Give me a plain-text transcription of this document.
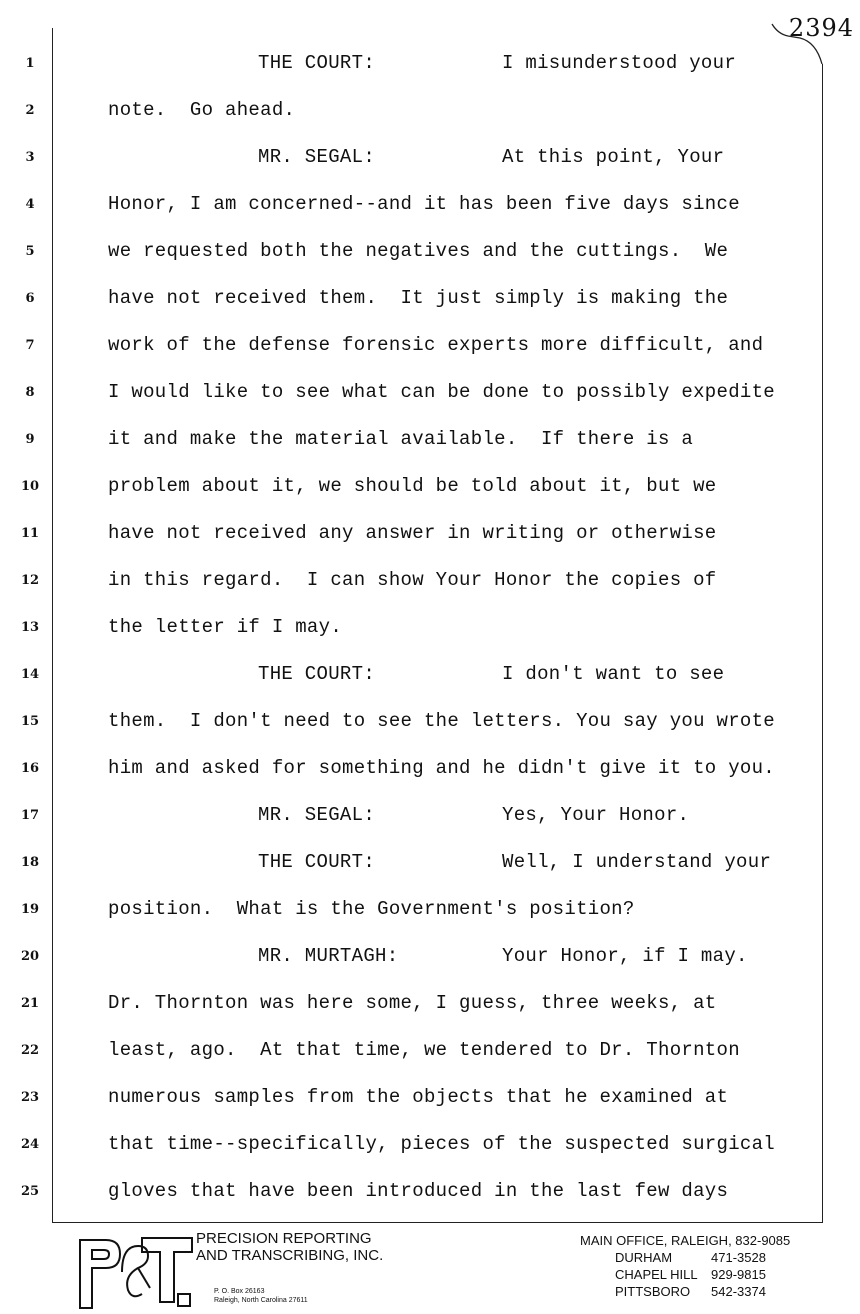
2394
1	THE COURT:	I misunderstood your
2	note.  Go ahead.
3	MR. SEGAL:	At this point, Your
4	Honor, I am concerned--and it has been five days since
5	we requested both the negatives and the cuttings.  We
6	have not received them.  It just simply is making the
7	work of the defense forensic experts more difficult, and
8	I would like to see what can be done to possibly expedite
9	it and make the material available.  If there is a
10	problem about it, we should be told about it, but we
11	have not received any answer in writing or otherwise
12	in this regard.  I can show Your Honor the copies of
13	the letter if I may.
14	THE COURT:	I don't want to see
15	them.  I don't need to see the letters. You say you wrote
16	him and asked for something and he didn't give it to you.
17	MR. SEGAL:	Yes, Your Honor.
18	THE COURT:	Well, I understand your
19	position.  What is the Government's position?
20	MR. MURTAGH:	Your Honor, if I may.
21	Dr. Thornton was here some, I guess, three weeks, at
22	least, ago.  At that time, we tendered to Dr. Thornton
23	numerous samples from the objects that he examined at
24	that time--specifically, pieces of the suspected surgical
25	gloves that have been introduced in the last few days
P&T	PRECISION REPORTING
AND TRANSCRIBING, INC.
P. O. Box 26163
Raleigh, North Carolina 27611
MAIN OFFICE, RALEIGH, 832-9085
DURHAM	471-3528
CHAPEL HILL 929-9815
PITTSBORO 542-3374
